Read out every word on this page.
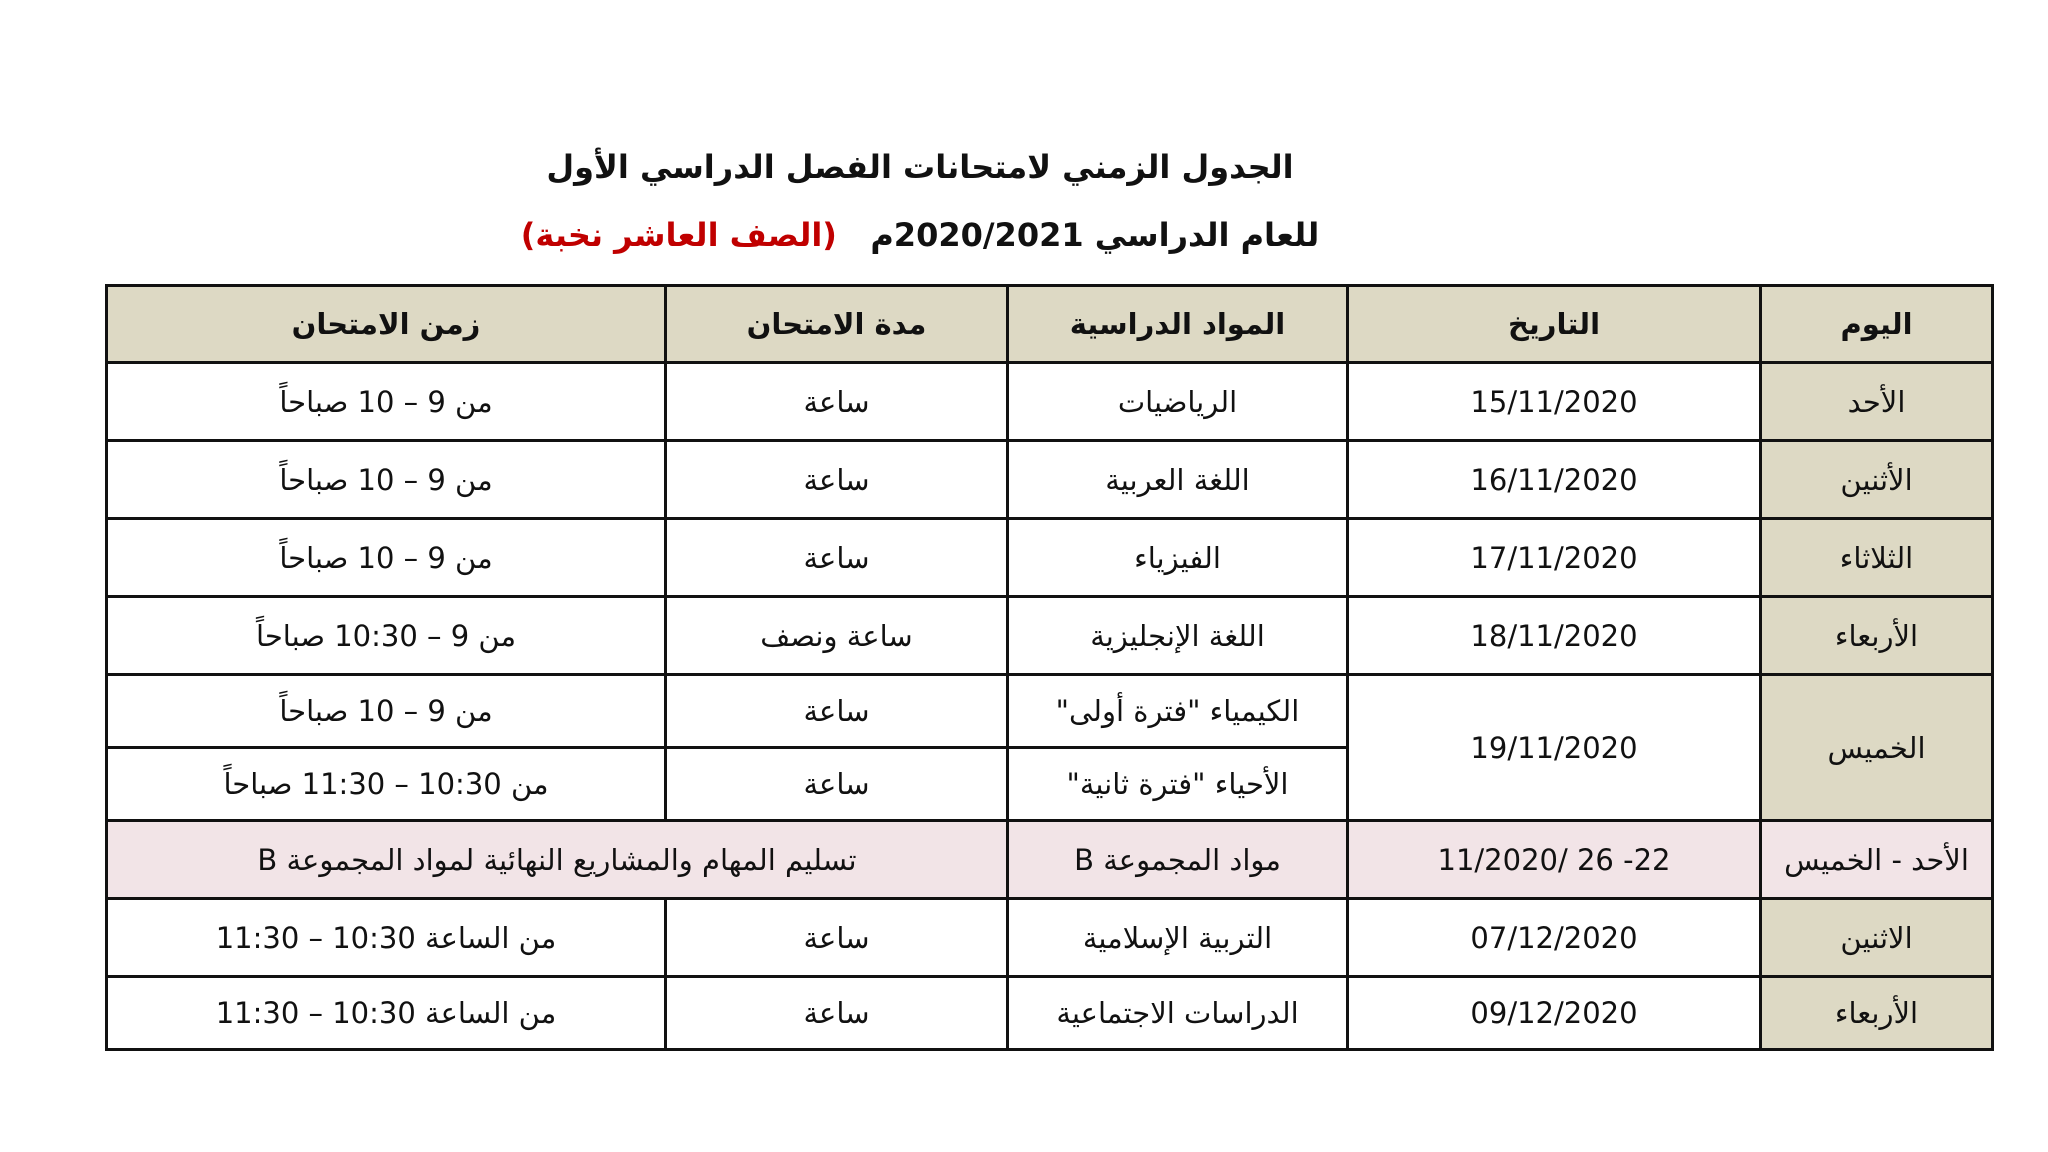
الجدول الزمني لامتحانات الفصل الدراسي الأول
للعام الدراسي 2020/2021م   (الصف العاشر نخبة)
اليوم	التاريخ	المواد الدراسية	مدة الامتحان	زمن الامتحان
الأحد	15/11/2020	الرياضيات	ساعة	من 9 – 10 صباحاً
الأثنين	16/11/2020	اللغة العربية	ساعة	من 9 – 10 صباحاً
الثلاثاء	17/11/2020	الفيزياء	ساعة	من 9 – 10 صباحاً
الأربعاء	18/11/2020	اللغة الإنجليزية	ساعة ونصف	من 9 – 10:30 صباحاً
الخميس	19/11/2020	الكيمياء "فترة أولى"	ساعة	من 9 – 10 صباحاً
		الأحياء "فترة ثانية"	ساعة	من 10:30 – 11:30 صباحاً
الأحد - الخميس	22- 26 /11/2020	مواد المجموعة B	تسليم المهام والمشاريع النهائية لمواد المجموعة B	
الاثنين	07/12/2020	التربية الإسلامية	ساعة	من الساعة 10:30 – 11:30
الأربعاء	09/12/2020	الدراسات الاجتماعية	ساعة	من الساعة 10:30 – 11:30
